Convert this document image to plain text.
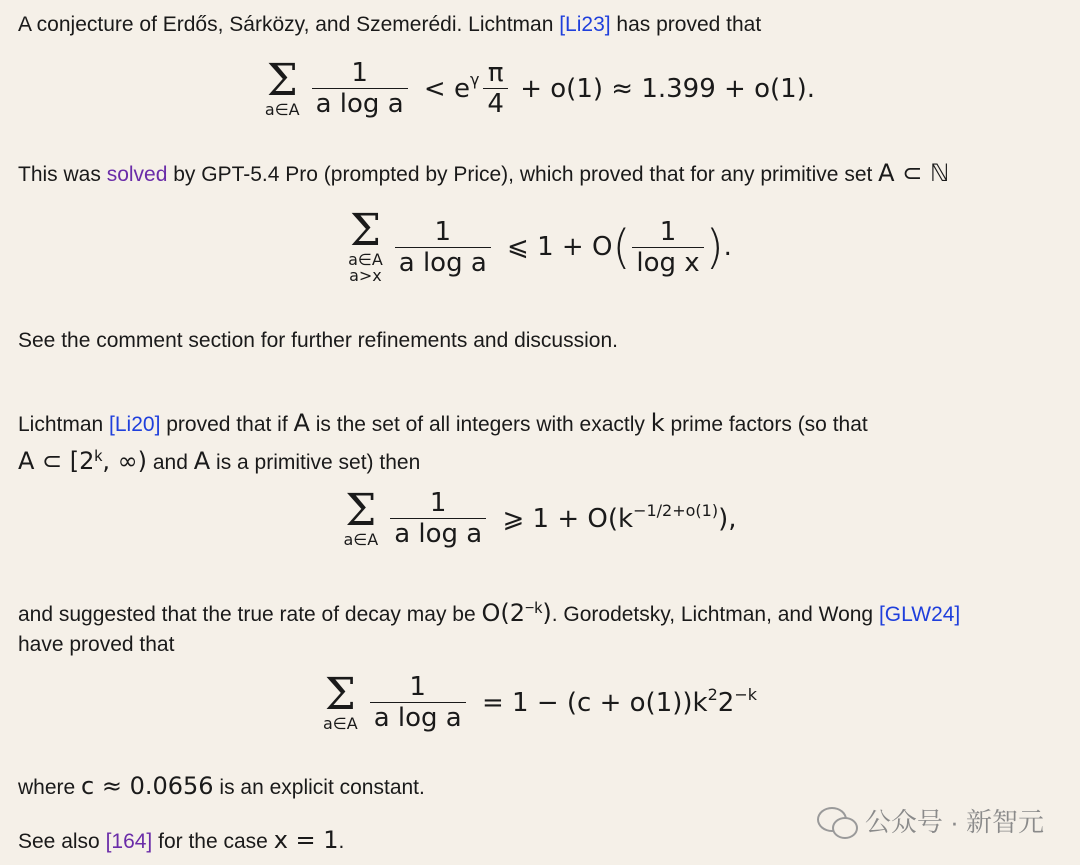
A conjecture of Erdős, Sárközy, and Szemerédi. Lichtman [Li23] has proved that
Σ
a∈A $\frac{1}{\text{a log a}} < e^\gamma \frac{\pi}{4} + o(1) \approx 1.399 + o(1)$.
This was solved by GPT-5.4 Pro (prompted by Price), which proved that for any primitive set A ⊂ ℕ
Σ
a∈A
$a>x \frac{1}{\text{a log a}}$ ⩽ 1 + O ( $\frac{1}{\text{log x}}$ ) .
See the comment section for further refinements and discussion.
Lichtman [Li20] proved that if A is the set of all integers with exactly k prime factors (so that
A ⊂ [2$^k$, ∞) and A is a primitive set) then
Σ
a∈A $\frac{1}{\text{a log a}}$ ⩾ $1 + O(k^{-1/2+o(1)}$ ),
and suggested that the true rate of decay may be $O(2^{-k})$. Gorodetsky, Lichtman, and Wong [GLW24]
have proved that
Σ
a∈A $\frac{1}{\text{a log a}} = 1 - (c + o(1))k^2$ $2^{-k}$
where c ≈ 0.0656 is an explicit constant.
See also [164] for the case x = 1.
公众号 · 新智元
